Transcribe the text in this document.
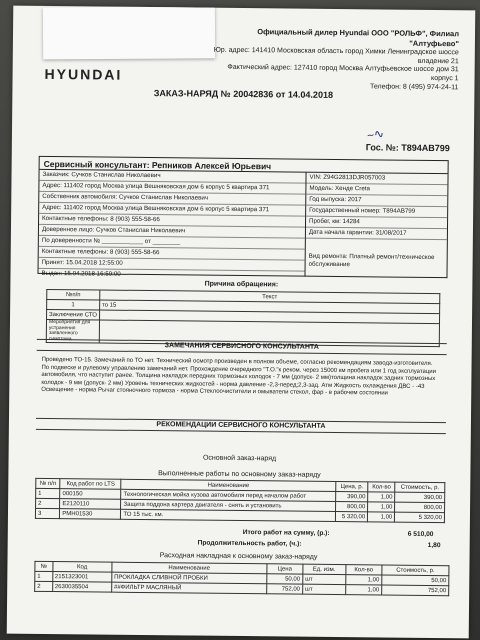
Официальный дилер Hyundai ООО "РОЛЬФ", Филиал "Алтуфьево"
Юр. адрес: 141410 Московская область город Химки Ленинградское шоссе
владение 21
Фактический адрес: 127410 город Москва Алтуфьевское шоссе дом 31 корпус 1
Телефон: 8 (495) 974-24-11
HYUNDAI
ЗАКАЗ-НАРЯД № 20042836 от 14.04.2018
Гос. №: Т894АВ799
Сервисный консультант: Репников Алексей Юрьевич
Заказчик: Сучков Станислав Николаевич
Адрес: 111402 город Москва улица Вешняковская дом 6 корпус 5 квартира 371
Собственник автомобиля: Сучков Станислав Николаевич
Адрес: 111402 город Москва улица Вешняковская дом 6 корпус 5 квартира 371
Контактные телефоны: 8 (903) 555-58-66
Доверенное лицо: Сучков Станислав Николаевич
По доверенности № ____________ от ________
Контактные телефоны: 8 (903) 555-58-66
Принят: 15.04.2018 12:55:00
Выдан: 15.04.2018 16:59:00
VIN: Z94G2813DJR057003
Модель: Хенде Creta
Год выпуска: 2017
Государственный номер: Т894АВ799
Пробег, км: 14284
Дата начала гарантии: 31/08/2017
Вид ремонта: Платный ремонт/техническое обслуживание
~∿
Причина обращения:
№п/п	Текст
1	то 15
Заключение СТО	
Мероприятия для устранения заявленного симптома	
ЗАМЕЧАНИЯ СЕРВИСНОГО КОНСУЛЬТАНТА
Проведено ТО-15. Замечаний по ТО нет. Технический осмотр произведен в полном объеме, согласно рекомендациям завода-изготовителя. По подвеске и рулевому управлению замечаний нет. Прохождение очередного "Т.О."к реком. через 15000 км пробега или 1 год эксплуатации автомобиля, что наступит ранее. Толщина накладок передних тормозных колодок - 7 мм (допуск- 2 мм)толщина накладок задних тормозных колодок - 9 мм (допуск- 2 мм) Уровень технических жидкостей - норма давление -2,3-перед;2,3-зад. Атм Жидкость охлаждения ДВС - -43 Освещение - норма Рычаг стояночного тормоза - норма Стеклоочистители и омыватели стекол, фар - в рабочем состоянии
РЕКОМЕНДАЦИИ СЕРВИСНОГО КОНСУЛЬТАНТА
Основной заказ-наряд
Выполненные работы по основному заказ-наряду
№ п/п	Код работ по LTS	Наименование	Цена, р.	Кол-во	Стоимость, р.
1	000150	Технологическая мойка кузова автомобиля перед началом работ	390,00	1,00	390,00
2	E2120110	Защита поддона картера двигателя - снять и установить	800,00	1,00	800,00
3	PMH01530	ТО 15 тыс. км.	5 320,00	1,00	5 320,00
Итого работ на сумму, (р.):	6 510,00
Продолжительность работ, (ч.):	1,80
Расходная накладная к основному заказ-наряду
№	Код	Наименование	Цена	Ед. изм.	Кол-во	Стоимость, р.
1	2151323001	ПРОКЛАДКА СЛИВНОЙ ПРОБКИ	50,00	шт	1,00	50,00
2	2630035504	##ФИЛЬТР МАСЛЯНЫЙ	752,00	шт	1,00	752,00
